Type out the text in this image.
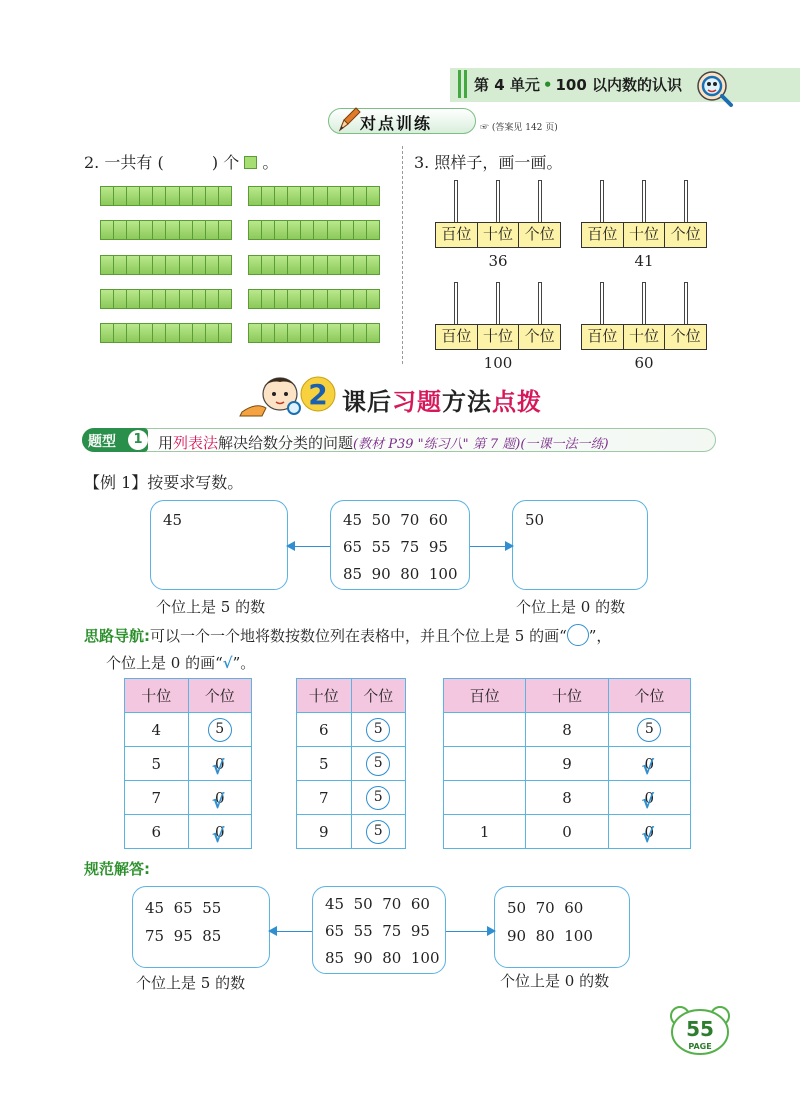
第 4 单元 • 100 以内数的认识
对点训练	☞ (答案见 142 页)
2. 一共有 (	) 个 。	3. 照样子，画一画。
百位 十位 个位
36
百位 十位 个位
41
百位 十位 个位
100
百位 十位 个位
60
2 课后习题方法点拨
题型	1	用列表法解决给数分类的问题(教材 P39 "练习八" 第 7 题)(一课一法一练)
【例 1】按要求写数。
45	45  50  70  60
65  55  75  95
85  90  80  100
50
个位上是 5 的数	个位上是 0 的数
思路导航:可以一个一个地将数按数位列在表格中，并且个位上是 5 的画“○”，
个位上是 0 的画“√”。
十位	个位
4	5
5	0 √
7	0 √
6	0 √
十位	个位
6	5
5	5
7	5
9	5
百位	十位	个位
	8	5
	9	0 √
	8	0 √
1	0	0 √
规范解答:
45  65  55
75  95  85
45  50  70  60
65  55  75  95
85  90  80  100
50  70  60
90  80  100
个位上是 5 的数	个位上是 0 的数
55
PAGE
